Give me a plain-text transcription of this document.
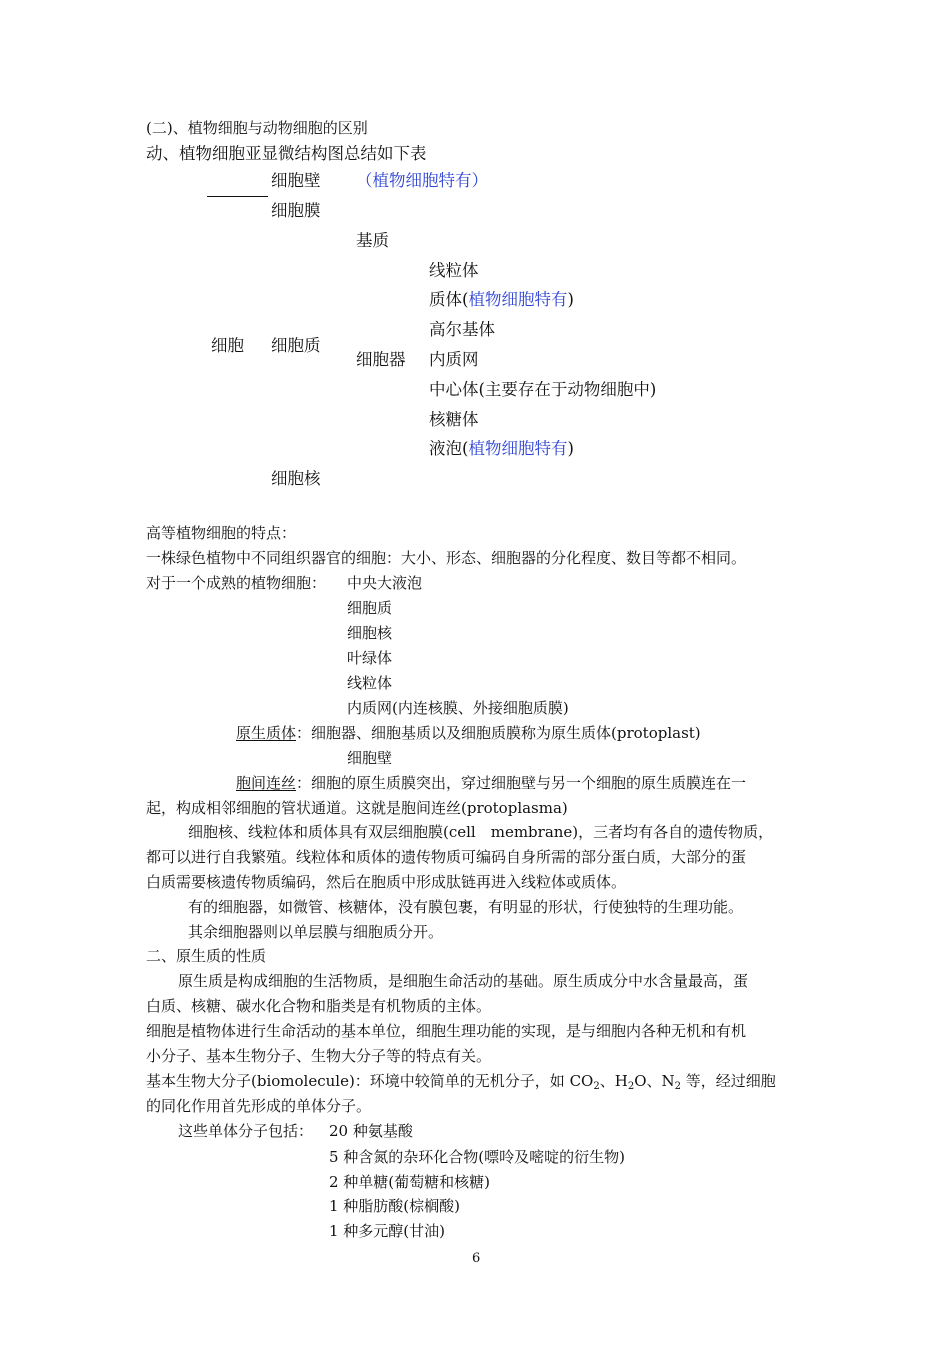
(二)、植物细胞与动物细胞的区别
动、植物细胞亚显微结构图总结如下表
细胞壁 （植物细胞特有）
细胞膜
基质
线粒体
质体(植物细胞特有)
高尔基体
细胞 细胞质
细胞器 内质网
中心体(主要存在于动物细胞中)
核糖体
液泡(植物细胞特有)
细胞核
高等植物细胞的特点：
一株绿色植物中不同组织器官的细胞：大小、形态、细胞器的分化程度、数目等都不相同。
对于一个成熟的植物细胞： 中央大液泡
细胞质
细胞核
叶绿体
线粒体
内质网(内连核膜、外接细胞质膜)
原生质体：细胞器、细胞基质以及细胞质膜称为原生质体(protoplast)
细胞壁
胞间连丝：细胞的原生质膜突出，穿过细胞壁与另一个细胞的原生质膜连在一
起，构成相邻细胞的管状通道。这就是胞间连丝(protoplasma)
细胞核、线粒体和质体具有双层细胞膜(cell　membrane)，三者均有各自的遗传物质，
都可以进行自我繁殖。线粒体和质体的遗传物质可编码自身所需的部分蛋白质，大部分的蛋
白质需要核遗传物质编码，然后在胞质中形成肽链再进入线粒体或质体。
有的细胞器，如微管、核糖体，没有膜包裹，有明显的形状，行使独特的生理功能。
其余细胞器则以单层膜与细胞质分开。
二、原生质的性质
原生质是构成细胞的生活物质，是细胞生命活动的基础。原生质成分中水含量最高，蛋
白质、核糖、碳水化合物和脂类是有机物质的主体。
细胞是植物体进行生命活动的基本单位，细胞生理功能的实现，是与细胞内各种无机和有机
小分子、基本生物分子、生物大分子等的特点有关。
基本生物大分子(biomolecule)：环境中较简单的无机分子，如 $CO_2$、$H_2O$、$N_2$ 等，经过细胞
的同化作用首先形成的单体分子。
这些单体分子包括： 20 种氨基酸
5 种含氮的杂环化合物(嘌呤及嘧啶的衍生物)
2 种单糖(葡萄糖和核糖)
1 种脂肪酸(棕榈酸)
1 种多元醇(甘油)
6
